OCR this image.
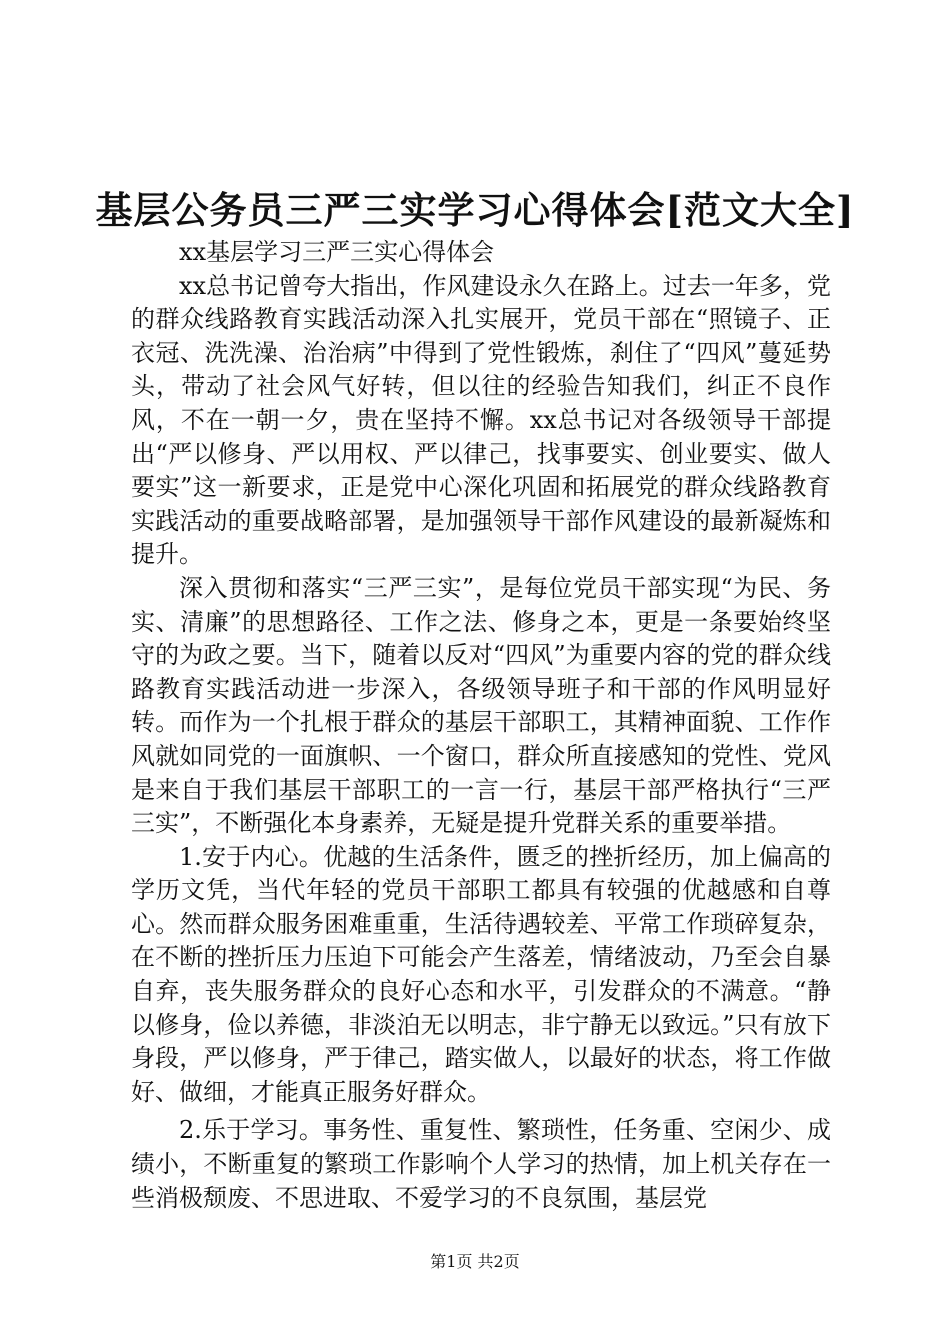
基层公务员三严三实学习心得体会[范文大全]

xx基层学习三严三实心得体会

xx总书记曾夸大指出，作风建设永久在路上。过去一年多，党的群众线路教育实践活动深入扎实展开，党员干部在“照镜子、正衣冠、洗洗澡、治治病”中得到了党性锻炼，刹住了“四风”蔓延势头，带动了社会风气好转，但以往的经验告知我们，纠正不良作风，不在一朝一夕，贵在坚持不懈。xx总书记对各级领导干部提出“严以修身、严以用权、严以律己，找事要实、创业要实、做人要实”这一新要求，正是党中心深化巩固和拓展党的群众线路教育实践活动的重要战略部署，是加强领导干部作风建设的最新凝炼和提升。

深入贯彻和落实“三严三实”，是每位党员干部实现“为民、务实、清廉”的思想路径、工作之法、修身之本，更是一条要始终坚守的为政之要。当下，随着以反对“四风”为重要内容的党的群众线路教育实践活动进一步深入，各级领导班子和干部的作风明显好转。而作为一个扎根于群众的基层干部职工，其精神面貌、工作作风就如同党的一面旗帜、一个窗口，群众所直接感知的党性、党风是来自于我们基层干部职工的一言一行，基层干部严格执行“三严三实”，不断强化本身素养，无疑是提升党群关系的重要举措。

1.安于内心。优越的生活条件，匮乏的挫折经历，加上偏高的学历文凭，当代年轻的党员干部职工都具有较强的优越感和自尊心。然而群众服务困难重重，生活待遇较差、平常工作琐碎复杂，在不断的挫折压力压迫下可能会产生落差，情绪波动，乃至会自暴自弃，丧失服务群众的良好心态和水平，引发群众的不满意。“静以修身，俭以养德，非淡泊无以明志，非宁静无以致远。”只有放下身段，严以修身，严于律己，踏实做人，以最好的状态，将工作做好、做细，才能真正服务好群众。

2.乐于学习。事务性、重复性、繁琐性，任务重、空闲少、成绩小，不断重复的繁琐工作影响个人学习的热情，加上机关存在一些消极颓废、不思进取、不爱学习的不良氛围，基层党

第1页 共2页
